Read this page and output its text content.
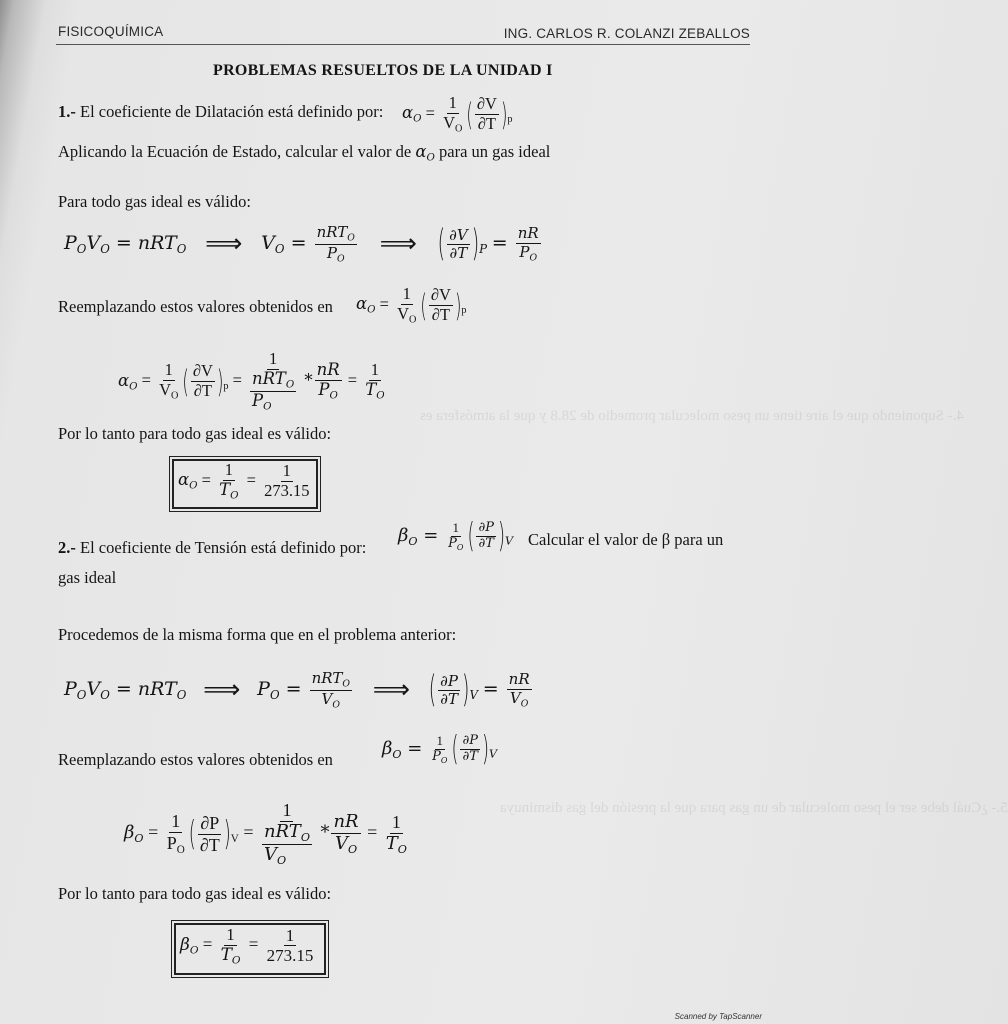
4.- Suponiendo que el aire tiene un peso molecular promedio de 28.8 y que la atmósfera es
5.- ¿Cuál debe ser el peso molecular de un gas para que la presión del gas disminuya
FISICOQUÍMICA	ING. CARLOS R. COLANZI ZEBALLOS
PROBLEMAS RESUELTOS DE LA UNIDAD I
1.- El coeficiente de Dilatación está definido por: $\alpha_O = \frac{1}{V_O}$ ( $\frac{\partial V}{\partial T} )_p$
Aplicando la Ecuación de Estado, calcular el valor de $\alpha_O$ para un gas ideal
Para todo gas ideal es válido:
$P_OV_O = nRT_O$ ⟹ $V_O = \frac{nRT_O}{P_O}$ ⟹ ( $\frac{\partial V}{\partial T} )_P = \frac{nR}{P_O}$
Reemplazando estos valores obtenidos en $\alpha_O = \frac{1}{V_O}$ ( $\frac{\partial V}{\partial T} )_p$
$\alpha_O = \frac{1}{V_O}$ ( $\frac{\partial V}{\partial T} )_p = \frac{1}{\frac{nRT_O}{P_O}} * \frac{nR}{P_O} = \frac{1}{T_O}$
Por lo tanto para todo gas ideal es válido:
$\alpha_O = \frac{1}{T_O} = \frac{1}{273.15}$
2.- El coeficiente de Tensión está definido por:
$\beta_O = \frac{1}{P_O}$ ( $\frac{\partial P}{\partial T} )_V$ Calcular el valor de β para un
gas ideal
Procedemos de la misma forma que en el problema anterior:
$P_OV_O = nRT_O$ ⟹ $P_O = \frac{nRT_O}{V_O}$ ⟹ ( $\frac{\partial P}{\partial T} )_V = \frac{nR}{V_O}$
Reemplazando estos valores obtenidos en
$\beta_O = \frac{1}{P_O}$ ( $\frac{\partial P}{\partial T} )_V$
$\beta_O = \frac{1}{P_O}$ ( $\frac{\partial P}{\partial T} )_V = \frac{1}{\frac{nRT_O}{V_O}} * \frac{nR}{V_O} = \frac{1}{T_O}$
Por lo tanto para todo gas ideal es válido:
$\beta_O = \frac{1}{T_O} = \frac{1}{273.15}$
Scanned by TapScanner
